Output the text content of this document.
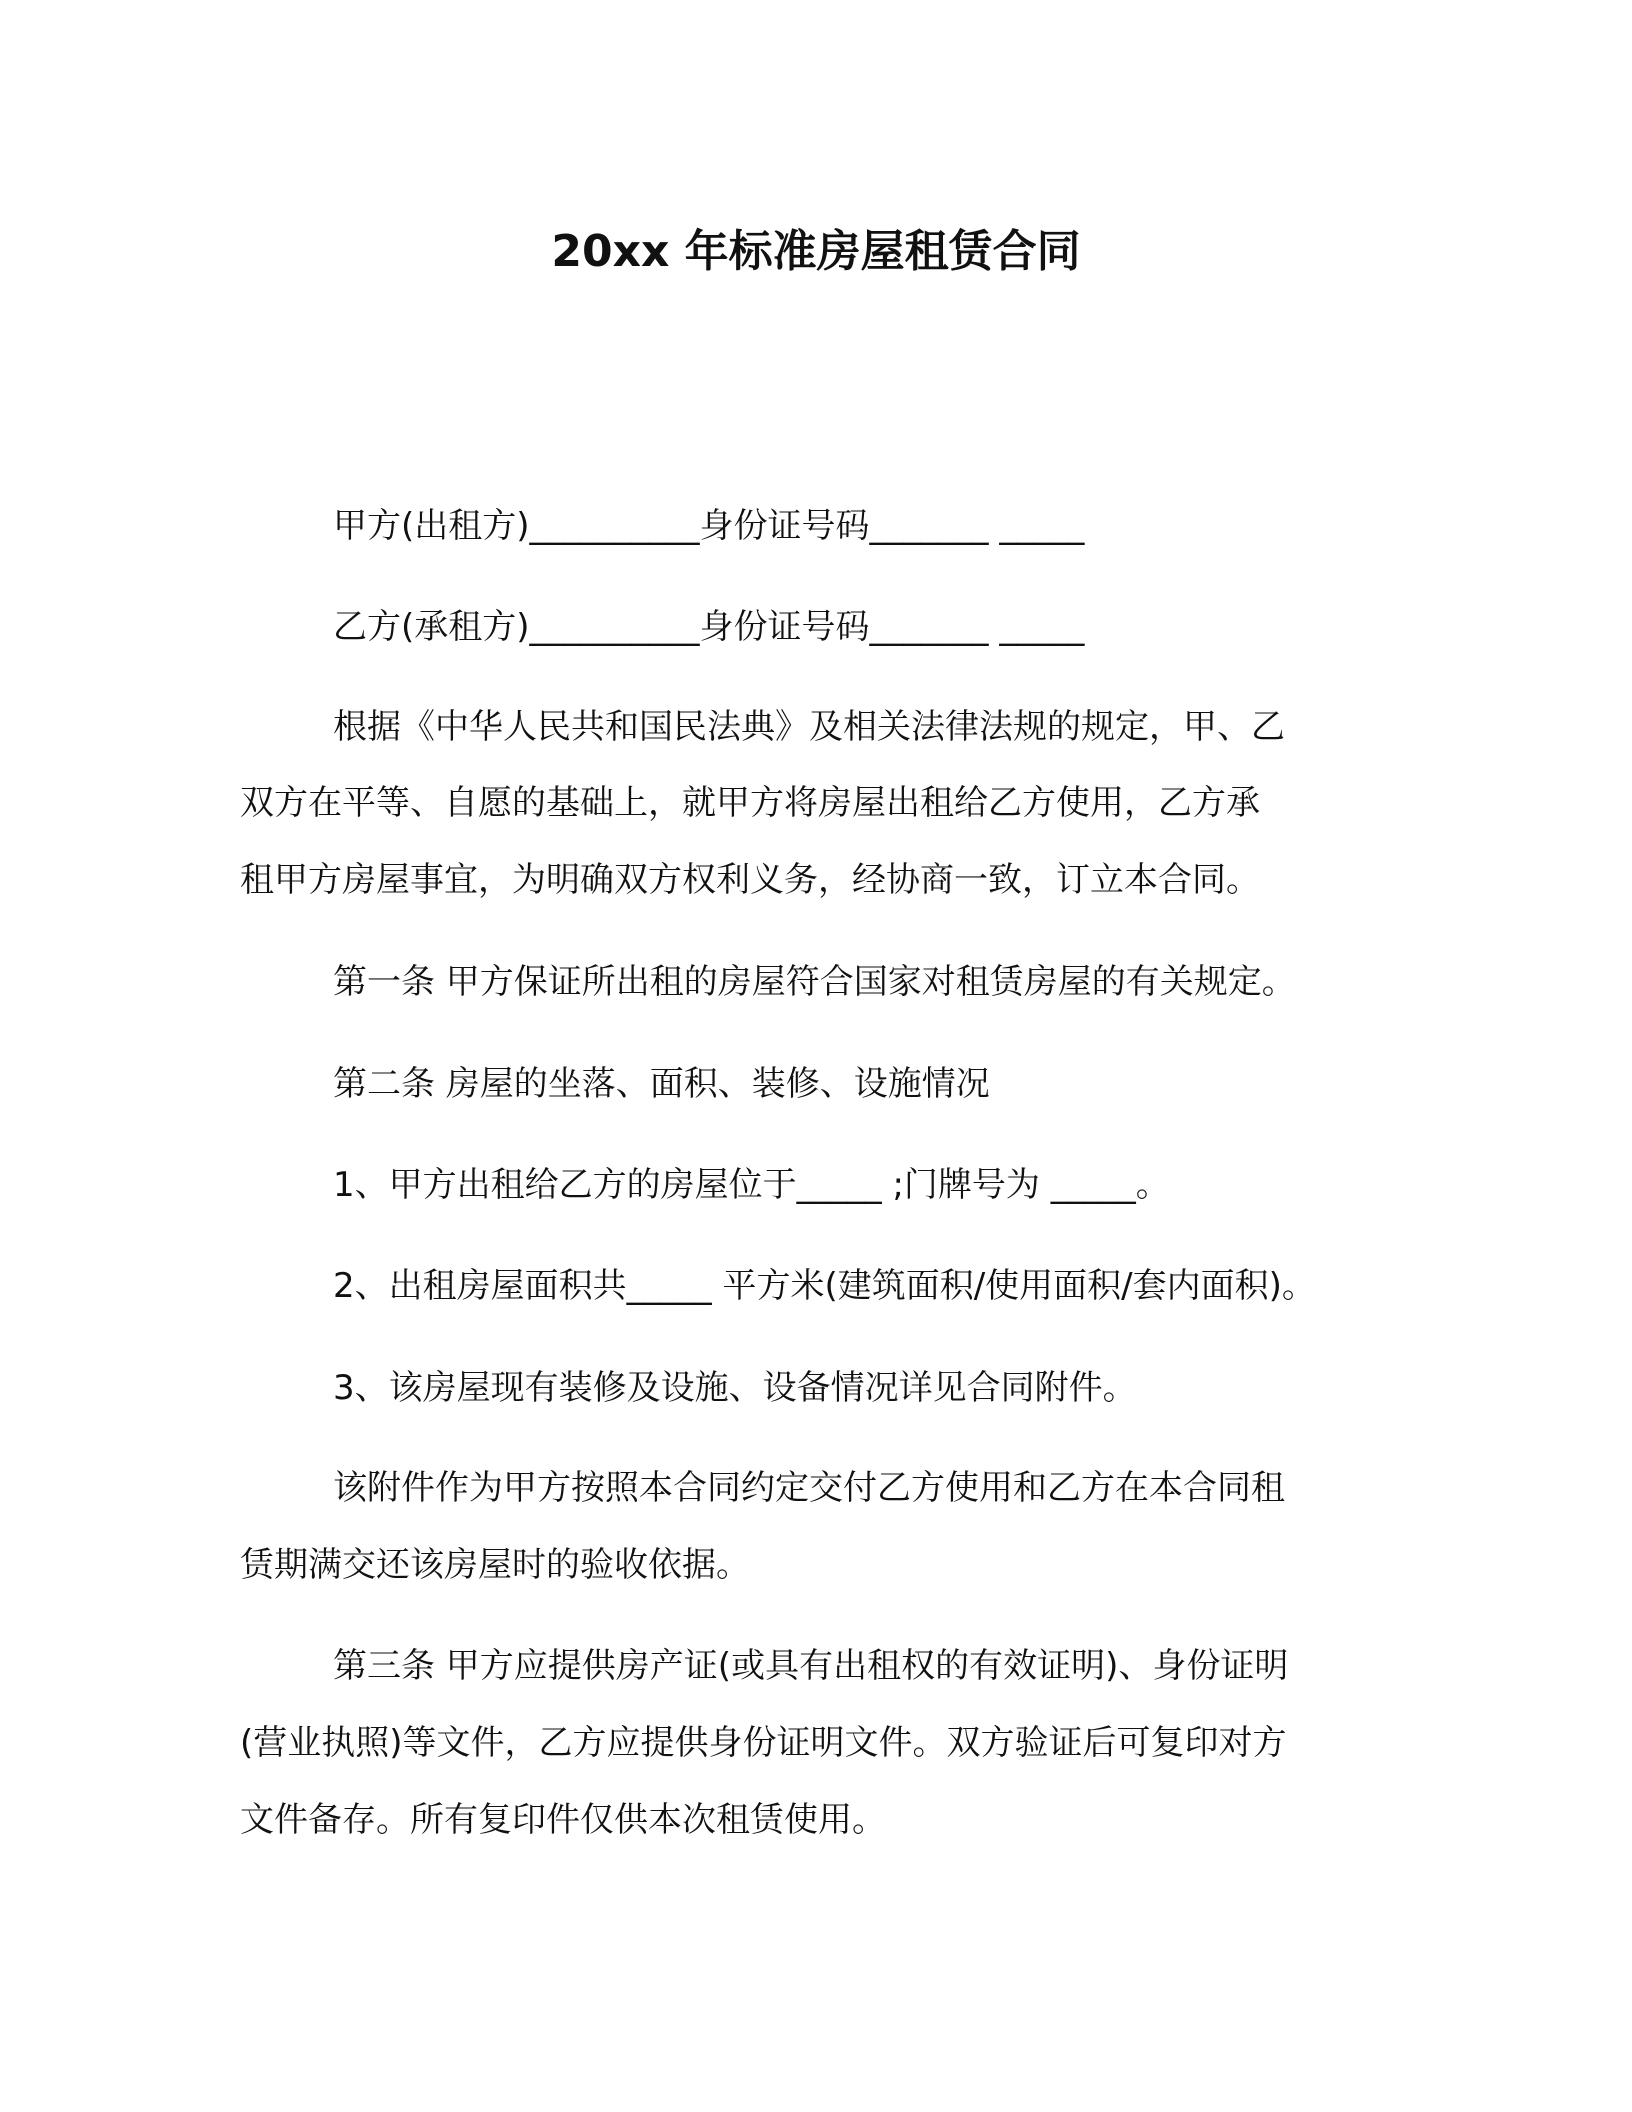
20xx 年标准房屋租赁合同

甲方(出租方)__________身份证号码_______ _____

乙方(承租方)__________身份证号码_______ _____

根据《中华人民共和国民法典》及相关法律法规的规定，甲、乙

双方在平等、自愿的基础上，就甲方将房屋出租给乙方使用，乙方承

租甲方房屋事宜，为明确双方权利义务，经协商一致，订立本合同。

第一条 甲方保证所出租的房屋符合国家对租赁房屋的有关规定。

第二条 房屋的坐落、面积、装修、设施情况

1、甲方出租给乙方的房屋位于_____ ;门牌号为 _____。

2、出租房屋面积共_____ 平方米(建筑面积/使用面积/套内面积)。

3、该房屋现有装修及设施、设备情况详见合同附件。

该附件作为甲方按照本合同约定交付乙方使用和乙方在本合同租

赁期满交还该房屋时的验收依据。

第三条 甲方应提供房产证(或具有出租权的有效证明)、身份证明

(营业执照)等文件，乙方应提供身份证明文件。双方验证后可复印对方

文件备存。所有复印件仅供本次租赁使用。
